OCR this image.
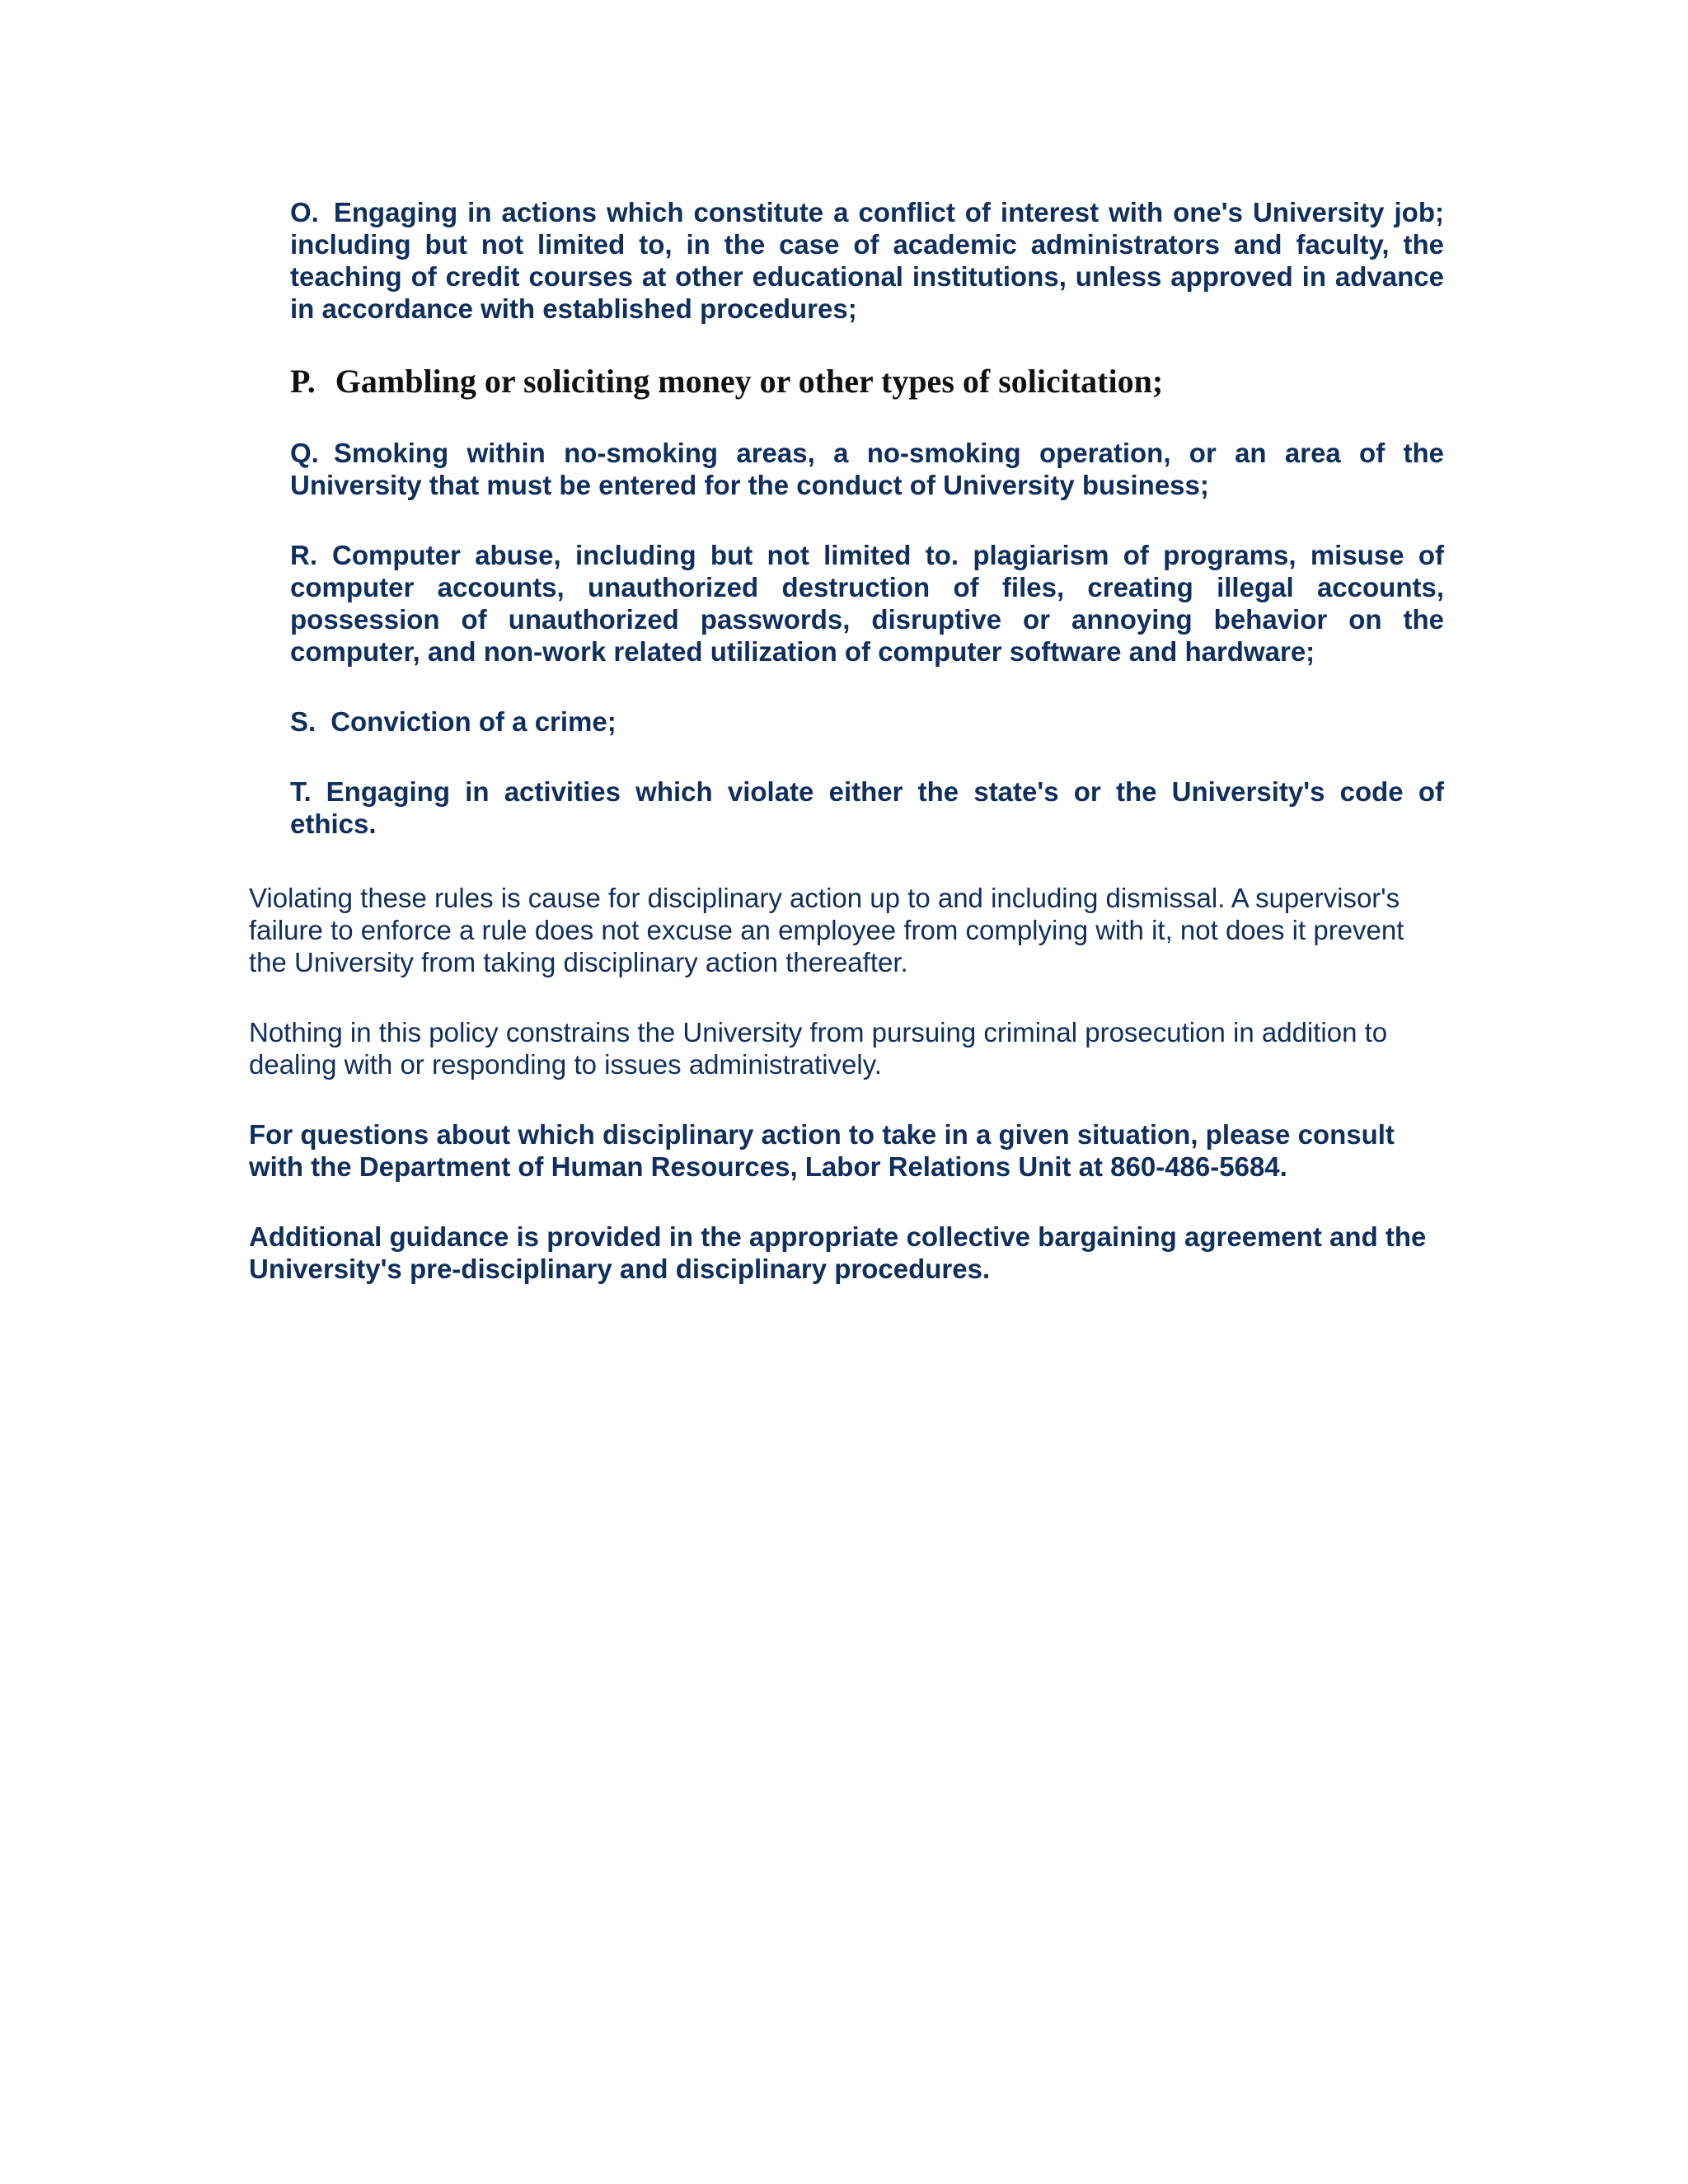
O. Engaging in actions which constitute a conflict of interest with one's University job; including but not limited to, in the case of academic administrators and faculty, the teaching of credit courses at other educational institutions, unless approved in advance in accordance with established procedures;

P. Gambling or soliciting money or other types of solicitation;

Q. Smoking within no-smoking areas, a no-smoking operation, or an area of the University that must be entered for the conduct of University business;

R. Computer abuse, including but not limited to. plagiarism of programs, misuse of computer accounts, unauthorized destruction of files, creating illegal accounts, possession of unauthorized passwords, disruptive or annoying behavior on the computer, and non-work related utilization of computer software and hardware;

S. Conviction of a crime;

T. Engaging in activities which violate either the state's or the University's code of ethics.

Violating these rules is cause for disciplinary action up to and including dismissal. A supervisor's failure to enforce a rule does not excuse an employee from complying with it, not does it prevent the University from taking disciplinary action thereafter.

Nothing in this policy constrains the University from pursuing criminal prosecution in addition to dealing with or responding to issues administratively.

For questions about which disciplinary action to take in a given situation, please consult with the Department of Human Resources, Labor Relations Unit at 860-486-5684.

Additional guidance is provided in the appropriate collective bargaining agreement and the University's pre-disciplinary and disciplinary procedures.
